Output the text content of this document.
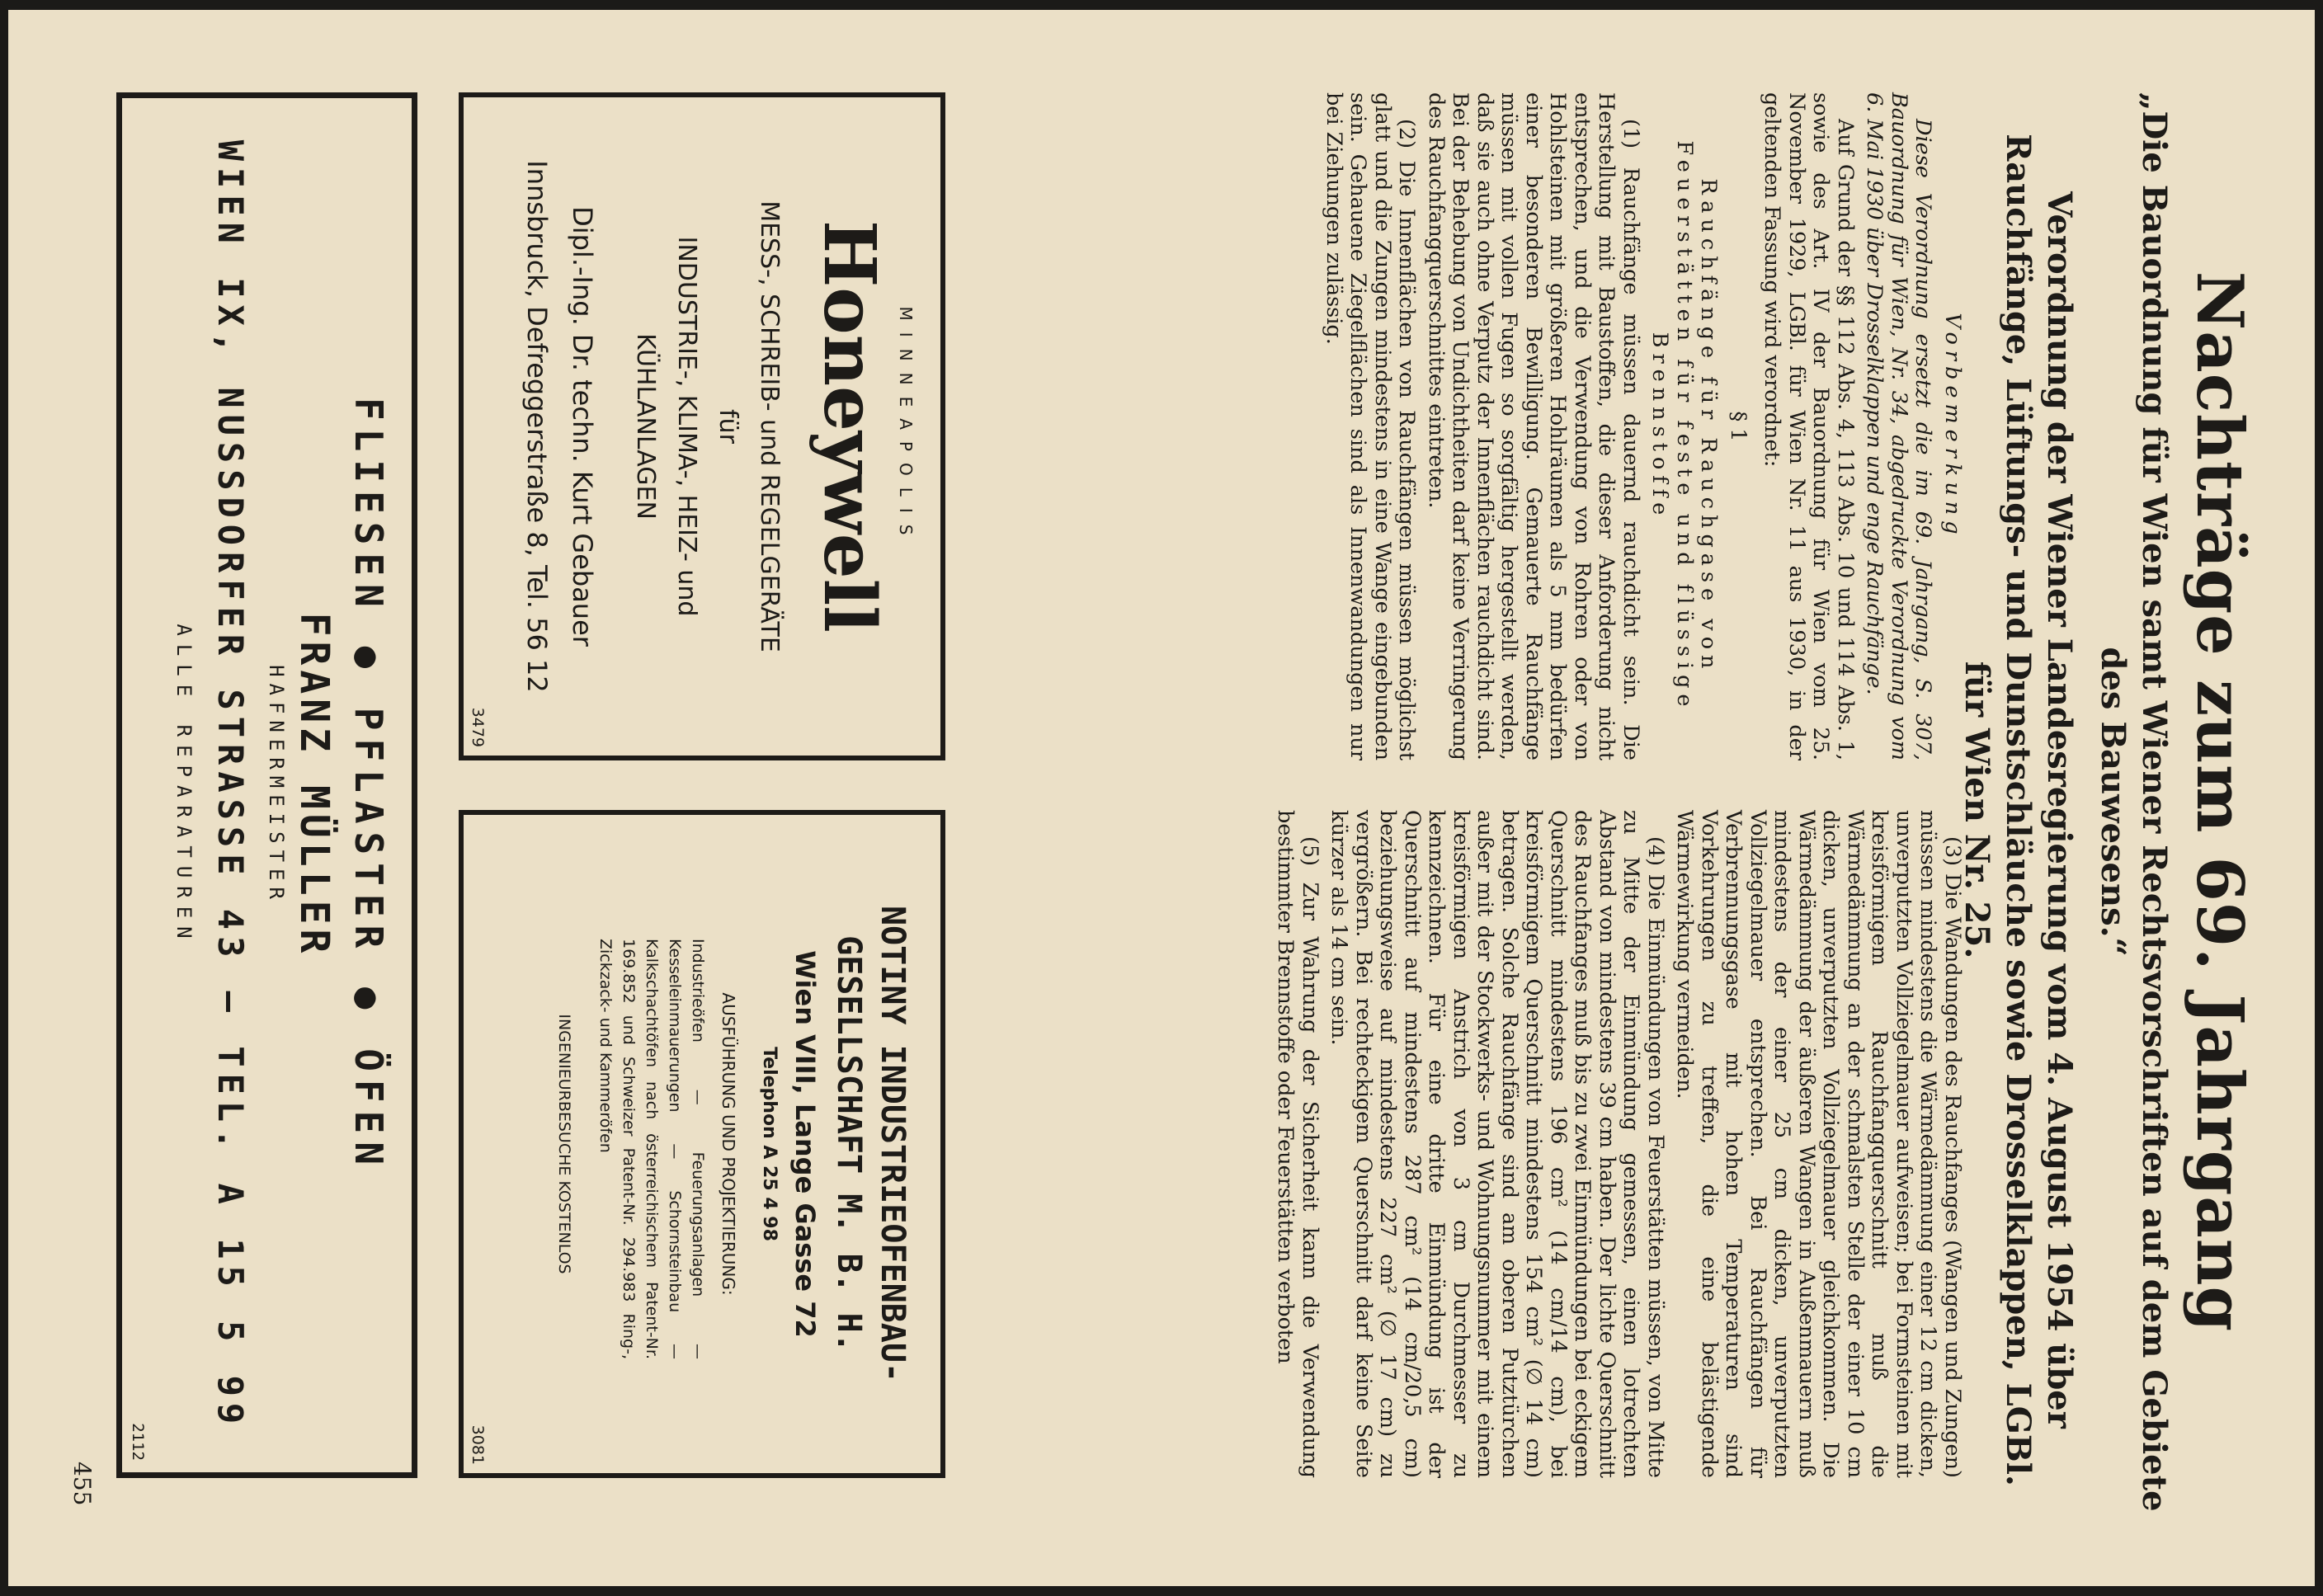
Nachträge zum 69. Jahrgang
„Die Bauordnung für Wien samt Wiener Rechtsvorschriften auf dem Gebiete des Bauwesens.“
Verordnung der Wiener Landesregierung vom 4. August 1954 über Rauchfänge, Lüftungs- und Dunstschläuche sowie Drosselklappen, LGBl. für Wien Nr. 25.

Vorbemerkung

Diese Verordnung ersetzt die im 69. Jahrgang, S. 307, Bauordnung für Wien, Nr. 34, abgedruckte Verordnung vom 6. Mai 1930 über Drosselklappen und enge Rauchfänge.

Auf Grund der §§ 112 Abs. 4, 113 Abs. 10 und 114 Abs. 1, sowie des Art. IV der Bauordnung für Wien vom 25. November 1929, LGBl. für Wien Nr. 11 aus 1930, in der geltenden Fassung wird verordnet:

§ 1

Rauchfänge für Rauchgase von Feuerstätten für feste und flüssige Brennstoffe

(1) Rauchfänge müssen dauernd rauchdicht sein. Die Herstellung mit Baustoffen, die dieser Anforderung nicht entsprechen, und die Verwendung von Rohren oder von Hohlsteinen mit größeren Hohlräumen als 5 mm bedürfen einer besonderen Bewilligung. Gemauerte Rauchfänge müssen mit vollen Fugen so sorgfältig hergestellt werden, daß sie auch ohne Verputz der Innenflächen rauchdicht sind. Bei der Behebung von Undichtheiten darf keine Verringerung des Rauchfangquerschnittes eintreten.

(2) Die Innenflächen von Rauchfängen müssen möglichst glatt und die Zungen mindestens in eine Wange eingebunden sein. Gehauene Ziegelflächen sind als Innenwandungen nur bei Ziehungen zulässig.

(3) Die Wandungen des Rauchfanges (Wangen und Zungen) müssen mindestens die Wärmedämmung einer 12 cm dicken, unverputzten Vollziegelmauer aufweisen; bei Formsteinen mit kreisförmigem Rauchfangquerschnitt muß die Wärmedämmung an der schmalsten Stelle der einer 10 cm dicken, unverputzten Vollziegelmauer gleichkommen. Die Wärmedämmung der äußeren Wangen in Außenmauern muß mindestens der einer 25 cm dicken, unverputzten Vollziegelmauer entsprechen. Bei Rauchfängen für Verbrennungsgase mit hohen Temperaturen sind Vorkehrungen zu treffen, die eine belästigende Wärmewirkung vermeiden.

(4) Die Einmündungen von Feuerstätten müssen, von Mitte zu Mitte der Einmündung gemessen, einen lotrechten Abstand von mindestens 39 cm haben. Der lichte Querschnitt des Rauchfanges muß bis zu zwei Einmündungen bei eckigem Querschnitt mindestens 196 cm² (14 cm/14 cm), bei kreisförmigem Querschnitt mindestens 154 cm² (∅ 14 cm) betragen. Solche Rauchfänge sind am oberen Putztürchen außer mit der Stockwerks- und Wohnungsnummer mit einem kreisförmigen Anstrich von 3 cm Durchmesser zu kennzeichnen. Für eine dritte Einmündung ist der Querschnitt auf mindestens 287 cm² (14 cm/20,5 cm) beziehungsweise auf mindestens 227 cm² (∅ 17 cm) zu vergrößern. Bei rechteckigem Querschnitt darf keine Seite kürzer als 14 cm sein.

(5) Zur Wahrung der Sicherheit kann die Verwendung bestimmter Brennstoffe oder Feuerstätten verboten

MINNEAPOLIS
Honeywell
MESS-, SCHREIB- und REGELGERÄTE
für
INDUSTRIE-, KLIMA-, HEIZ- und
KÜHLANLAGEN
Dipl.-Ing. Dr. techn. Kurt Gebauer
Innsbruck, Defreggerstraße 8, Tel. 56 12
3479
NOTINY INDUSTRIEOFENBAU-
GESELLSCHAFT M. B. H.
Wien VIII, Lange Gasse 72
Telephon A 25 4 98
AUSFÜHRUNG UND PROJEKTIERUNG:
Industrieöfen — Feuerungsanlagen — Kesseleinmauerungen — Schornsteinbau — Kalkschachtöfen nach österreichischem Patent-Nr. 169.852 und Schweizer Patent-Nr. 294.983 Ring-, Zickzack- und Kammeröfen
INGENIEURBESUCHE KOSTENLOS
3081
FLIESEN ● PFLASTER ● ÖFEN
FRANZ MÜLLER
HAFNERMEISTER
WIEN IX, NUSSDORFER STRASSE 43 — TEL. A 15 5 99
ALLE REPARATUREN
2112
455
